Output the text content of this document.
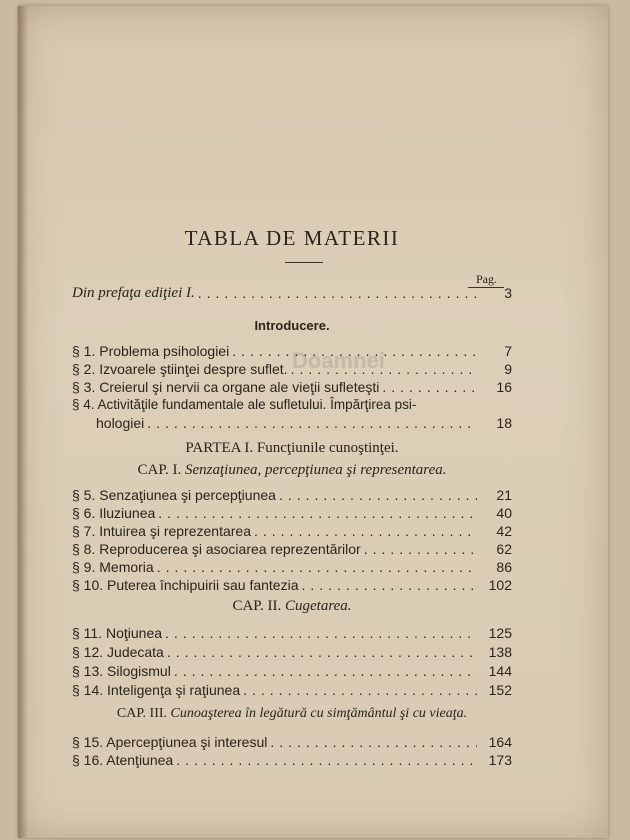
Doamnei
TABLA DE MATERII
Pag.
Din prefaţa ediţiei I. .....	3
Introducere.
§ 1. Problema psihologiei .....	7
§ 2. Izvoarele ştiinţei despre suflet. .....	9
§ 3. Creierul şi nervii ca organe ale vieţii sufleteşti .....	16
§ 4. Activităţile fundamentale ale sufletului. Împărţirea psi-
hologiei .....	18
PARTEA I. Funcţiunile cunoştinţei.
CAP. I. Senzaţiunea, percepţiunea şi representarea.
§ 5. Senzaţiunea şi percepţiunea .....	21
§ 6. Iluziunea .....	40
§ 7. Intuirea şi reprezentarea .....	42
§ 8. Reproducerea şi asociarea reprezentărilor .....	62
§ 9. Memoria .....	86
§ 10. Puterea închipuirii sau fantezia .....	102
CAP. II. Cugetarea.
§ 11. Noţiunea .....	125
§ 12. Judecata .....	138
§ 13. Silogismul .....	144
§ 14. Inteligenţa şi raţiunea .....	152
CAP. III. Cunoaşterea în legătură cu simţământul şi cu vieaţa.
§ 15. Apercepţiunea şi interesul .....	164
§ 16. Atenţiunea .....	173
